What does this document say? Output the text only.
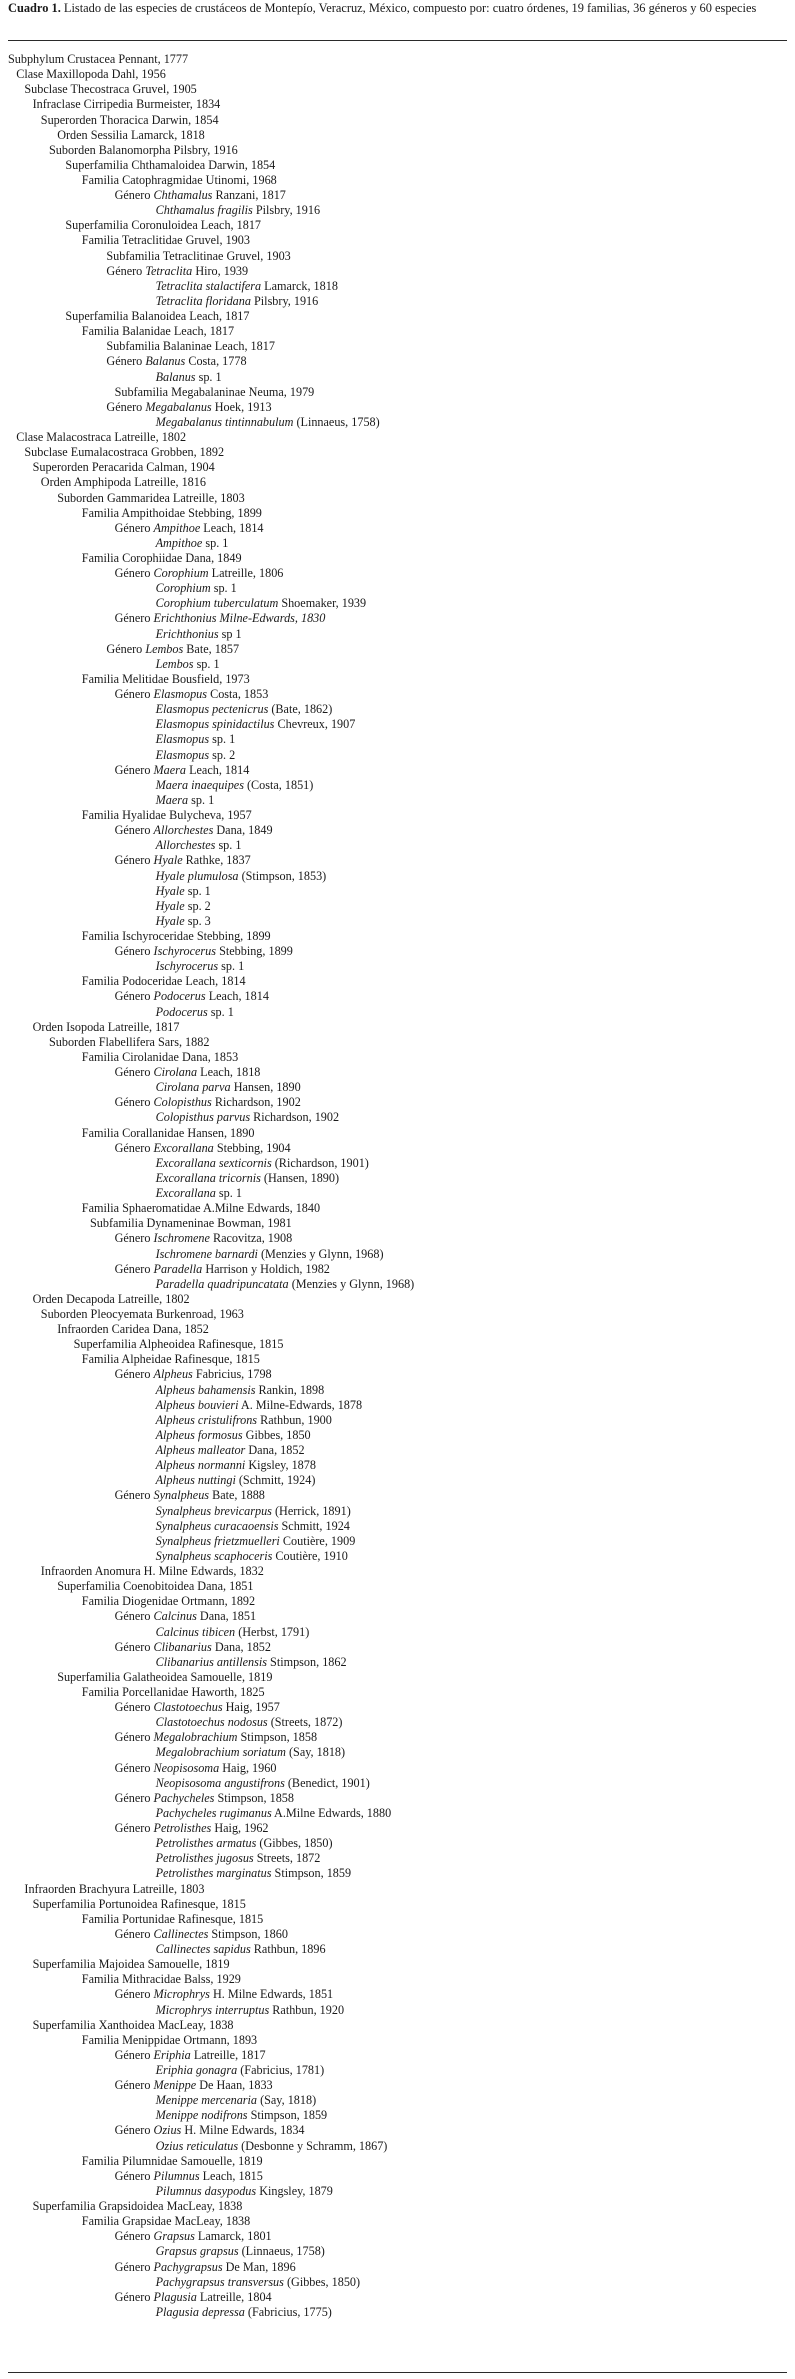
Cuadro 1. Listado de las especies de crustáceos de Montepío, Veracruz, México, compuesto por: cuatro órdenes, 19 familias, 36 géneros y 60 especies
Subphylum Crustacea Pennant, 1777
Clase Maxillopoda Dahl, 1956
Subclase Thecostraca Gruvel, 1905
Infraclase Cirripedia Burmeister, 1834
Superorden Thoracica Darwin, 1854
Orden Sessilia Lamarck, 1818
Suborden Balanomorpha Pilsbry, 1916
Superfamilia Chthamaloidea Darwin, 1854
Familia Catophragmidae Utinomi, 1968
Género Chthamalus Ranzani, 1817
Chthamalus fragilis Pilsbry, 1916
Superfamilia Coronuloidea Leach, 1817
Familia Tetraclitidae Gruvel, 1903
Subfamilia Tetraclitinae Gruvel, 1903
Género Tetraclita Hiro, 1939
Tetraclita stalactifera Lamarck, 1818
Tetraclita floridana Pilsbry, 1916
Superfamilia Balanoidea Leach, 1817
Familia Balanidae Leach, 1817
Subfamilia Balaninae Leach, 1817
Género Balanus Costa, 1778
Balanus sp. 1
Subfamilia Megabalaninae Neuma, 1979
Género Megabalanus Hoek, 1913
Megabalanus tintinnabulum (Linnaeus, 1758)
Clase Malacostraca Latreille, 1802
Subclase Eumalacostraca Grobben, 1892
Superorden Peracarida Calman, 1904
Orden Amphipoda Latreille, 1816
Suborden Gammaridea Latreille, 1803
Familia Ampithoidae Stebbing, 1899
Género Ampithoe Leach, 1814
Ampithoe sp. 1
Familia Corophiidae Dana, 1849
Género Corophium Latreille, 1806
Corophium sp. 1
Corophium tuberculatum Shoemaker, 1939
Género Erichthonius Milne-Edwards, 1830
Erichthonius sp 1
Género Lembos Bate, 1857
Lembos sp. 1
Familia Melitidae Bousfield, 1973
Género Elasmopus Costa, 1853
Elasmopus pectenicrus (Bate, 1862)
Elasmopus spinidactilus Chevreux, 1907
Elasmopus sp. 1
Elasmopus sp. 2
Género Maera Leach, 1814
Maera inaequipes (Costa, 1851)
Maera sp. 1
Familia Hyalidae Bulycheva, 1957
Género Allorchestes Dana, 1849
Allorchestes sp. 1
Género Hyale Rathke, 1837
Hyale plumulosa (Stimpson, 1853)
Hyale sp. 1
Hyale sp. 2
Hyale sp. 3
Familia Ischyroceridae Stebbing, 1899
Género Ischyrocerus Stebbing, 1899
Ischyrocerus sp. 1
Familia Podoceridae Leach, 1814
Género Podocerus Leach, 1814
Podocerus sp. 1
Orden Isopoda Latreille, 1817
Suborden Flabellifera Sars, 1882
Familia Cirolanidae Dana, 1853
Género Cirolana Leach, 1818
Cirolana parva Hansen, 1890
Género Colopisthus Richardson, 1902
Colopisthus parvus Richardson, 1902
Familia Corallanidae Hansen, 1890
Género Excorallana Stebbing, 1904
Excorallana sexticornis (Richardson, 1901)
Excorallana tricornis (Hansen, 1890)
Excorallana sp. 1
Familia Sphaeromatidae A.Milne Edwards, 1840
Subfamilia Dynameninae Bowman, 1981
Género Ischromene Racovitza, 1908
Ischromene barnardi (Menzies y Glynn, 1968)
Género Paradella Harrison y Holdich, 1982
Paradella quadripuncatata (Menzies y Glynn, 1968)
Orden Decapoda Latreille, 1802
Suborden Pleocyemata Burkenroad, 1963
Infraorden Caridea Dana, 1852
Superfamilia Alpheoidea Rafinesque, 1815
Familia Alpheidae Rafinesque, 1815
Género Alpheus Fabricius, 1798
Alpheus bahamensis Rankin, 1898
Alpheus bouvieri A. Milne-Edwards, 1878
Alpheus cristulifrons Rathbun, 1900
Alpheus formosus Gibbes, 1850
Alpheus malleator Dana, 1852
Alpheus normanni Kigsley, 1878
Alpheus nuttingi (Schmitt, 1924)
Género Synalpheus Bate, 1888
Synalpheus brevicarpus (Herrick, 1891)
Synalpheus curacaoensis Schmitt, 1924
Synalpheus frietzmuelleri Coutière, 1909
Synalpheus scaphoceris Coutière, 1910
Infraorden Anomura H. Milne Edwards, 1832
Superfamilia Coenobitoidea Dana, 1851
Familia Diogenidae Ortmann, 1892
Género Calcinus Dana, 1851
Calcinus tibicen (Herbst, 1791)
Género Clibanarius Dana, 1852
Clibanarius antillensis Stimpson, 1862
Superfamilia Galatheoidea Samouelle, 1819
Familia Porcellanidae Haworth, 1825
Género Clastotoechus Haig, 1957
Clastotoechus nodosus (Streets, 1872)
Género Megalobrachium Stimpson, 1858
Megalobrachium soriatum (Say, 1818)
Género Neopisosoma Haig, 1960
Neopisosoma angustifrons (Benedict, 1901)
Género Pachycheles Stimpson, 1858
Pachycheles rugimanus A.Milne Edwards, 1880
Género Petrolisthes Haig, 1962
Petrolisthes armatus (Gibbes, 1850)
Petrolisthes jugosus Streets, 1872
Petrolisthes marginatus Stimpson, 1859
Infraorden Brachyura Latreille, 1803
Superfamilia Portunoidea Rafinesque, 1815
Familia Portunidae Rafinesque, 1815
Género Callinectes Stimpson, 1860
Callinectes sapidus Rathbun, 1896
Superfamilia Majoidea Samouelle, 1819
Familia Mithracidae Balss, 1929
Género Microphrys H. Milne Edwards, 1851
Microphrys interruptus Rathbun, 1920
Superfamilia Xanthoidea MacLeay, 1838
Familia Menippidae Ortmann, 1893
Género Eriphia Latreille, 1817
Eriphia gonagra (Fabricius, 1781)
Género Menippe De Haan, 1833
Menippe mercenaria (Say, 1818)
Menippe nodifrons Stimpson, 1859
Género Ozius H. Milne Edwards, 1834
Ozius reticulatus (Desbonne y Schramm, 1867)
Familia Pilumnidae Samouelle, 1819
Género Pilumnus Leach, 1815
Pilumnus dasypodus Kingsley, 1879
Superfamilia Grapsidoidea MacLeay, 1838
Familia Grapsidae MacLeay, 1838
Género Grapsus Lamarck, 1801
Grapsus grapsus (Linnaeus, 1758)
Género Pachygrapsus De Man, 1896
Pachygrapsus transversus (Gibbes, 1850)
Género Plagusia Latreille, 1804
Plagusia depressa (Fabricius, 1775)
